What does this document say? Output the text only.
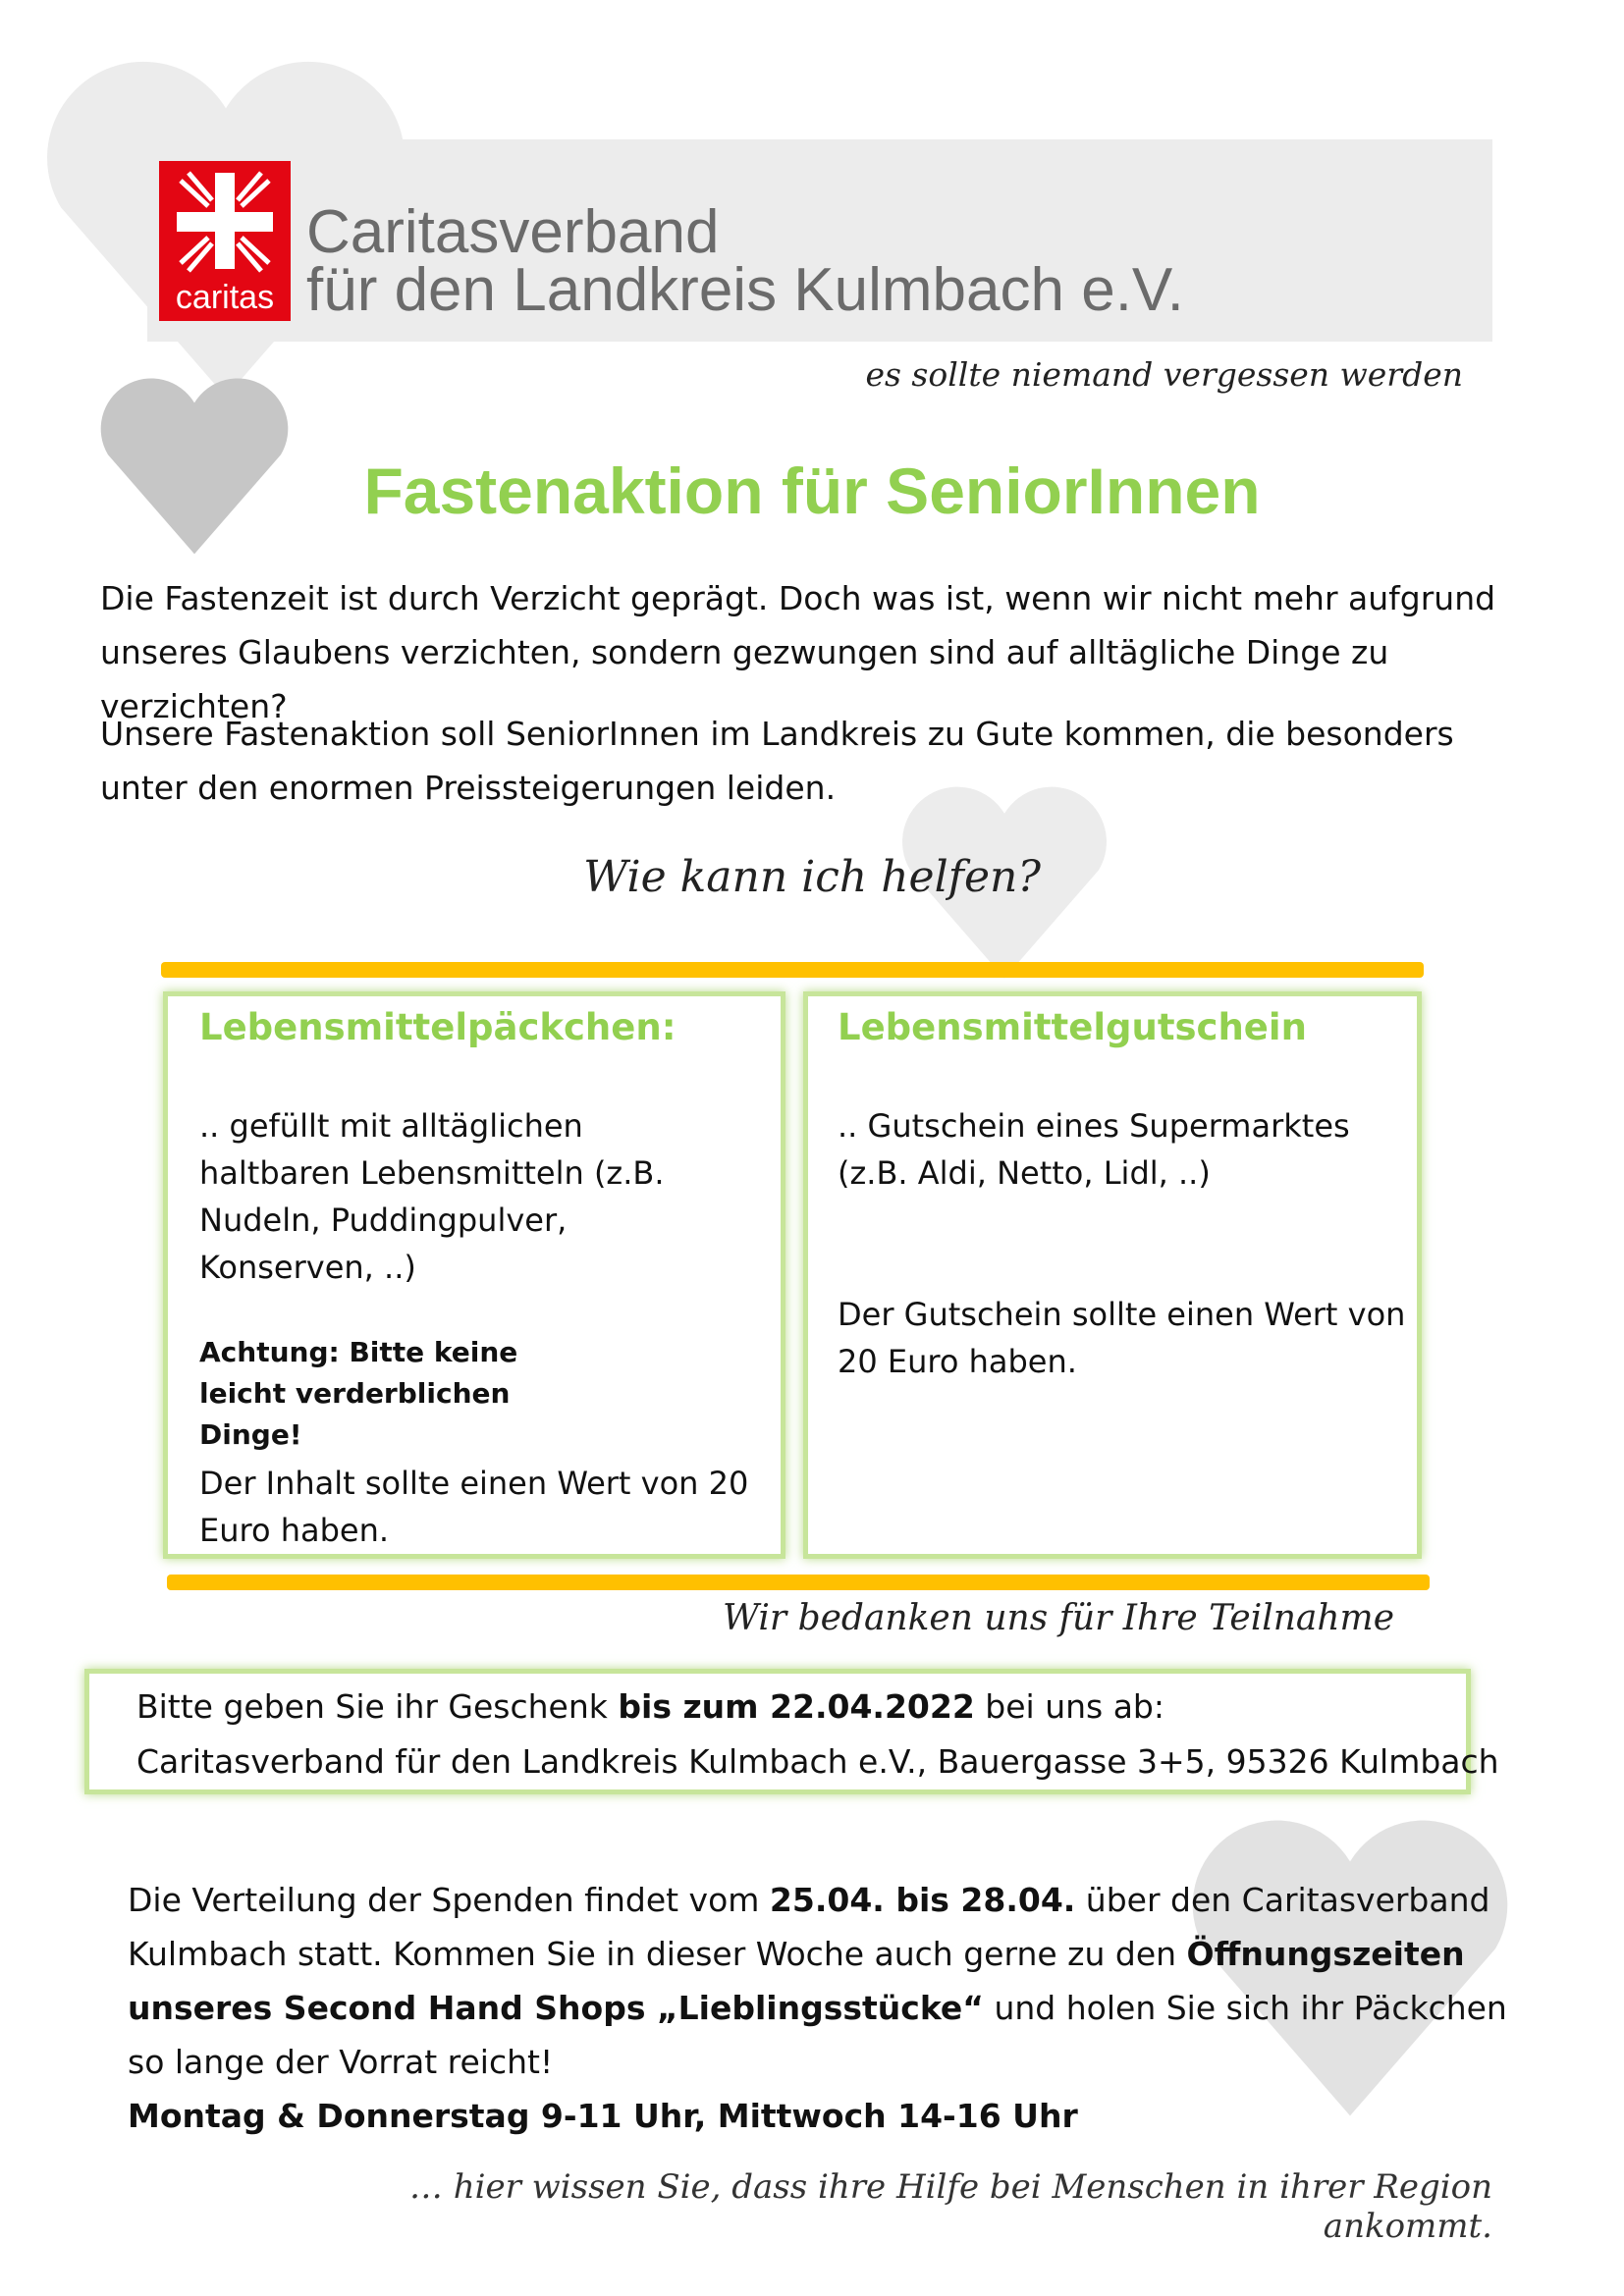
caritas
Caritasverband
für den Landkreis Kulmbach e.V.
es sollte niemand vergessen werden
Fastenaktion für SeniorInnen
Die Fastenzeit ist durch Verzicht geprägt. Doch was ist, wenn wir nicht mehr aufgrund unseres Glaubens verzichten, sondern gezwungen sind auf alltägliche Dinge zu verzichten?
Unsere Fastenaktion soll SeniorInnen im Landkreis zu Gute kommen, die besonders unter den enormen Preissteigerungen leiden.
Wie kann ich helfen?
Lebensmittelpäckchen:
.. gefüllt mit alltäglichen haltbaren Lebensmitteln (z.B. Nudeln, Puddingpulver, Konserven, ..)
Achtung: Bitte keine leicht verderblichen Dinge!
Der Inhalt sollte einen Wert von 20 Euro haben.
Lebensmittelgutschein
.. Gutschein eines Supermarktes (z.B. Aldi, Netto, Lidl, ..)
Der Gutschein sollte einen Wert von 20 Euro haben.
Wir bedanken uns für Ihre Teilnahme
Bitte geben Sie ihr Geschenk bis zum 22.04.2022 bei uns ab:
Caritasverband für den Landkreis Kulmbach e.V., Bauergasse 3+5, 95326 Kulmbach
Die Verteilung der Spenden findet vom 25.04. bis 28.04. über den Caritasverband Kulmbach statt. Kommen Sie in dieser Woche auch gerne zu den Öffnungszeiten unseres Second Hand Shops „Lieblingsstücke“ und holen Sie sich ihr Päckchen so lange der Vorrat reicht!
Montag & Donnerstag 9-11 Uhr, Mittwoch 14-16 Uhr
… hier wissen Sie, dass ihre Hilfe bei Menschen in ihrer Region ankommt.
